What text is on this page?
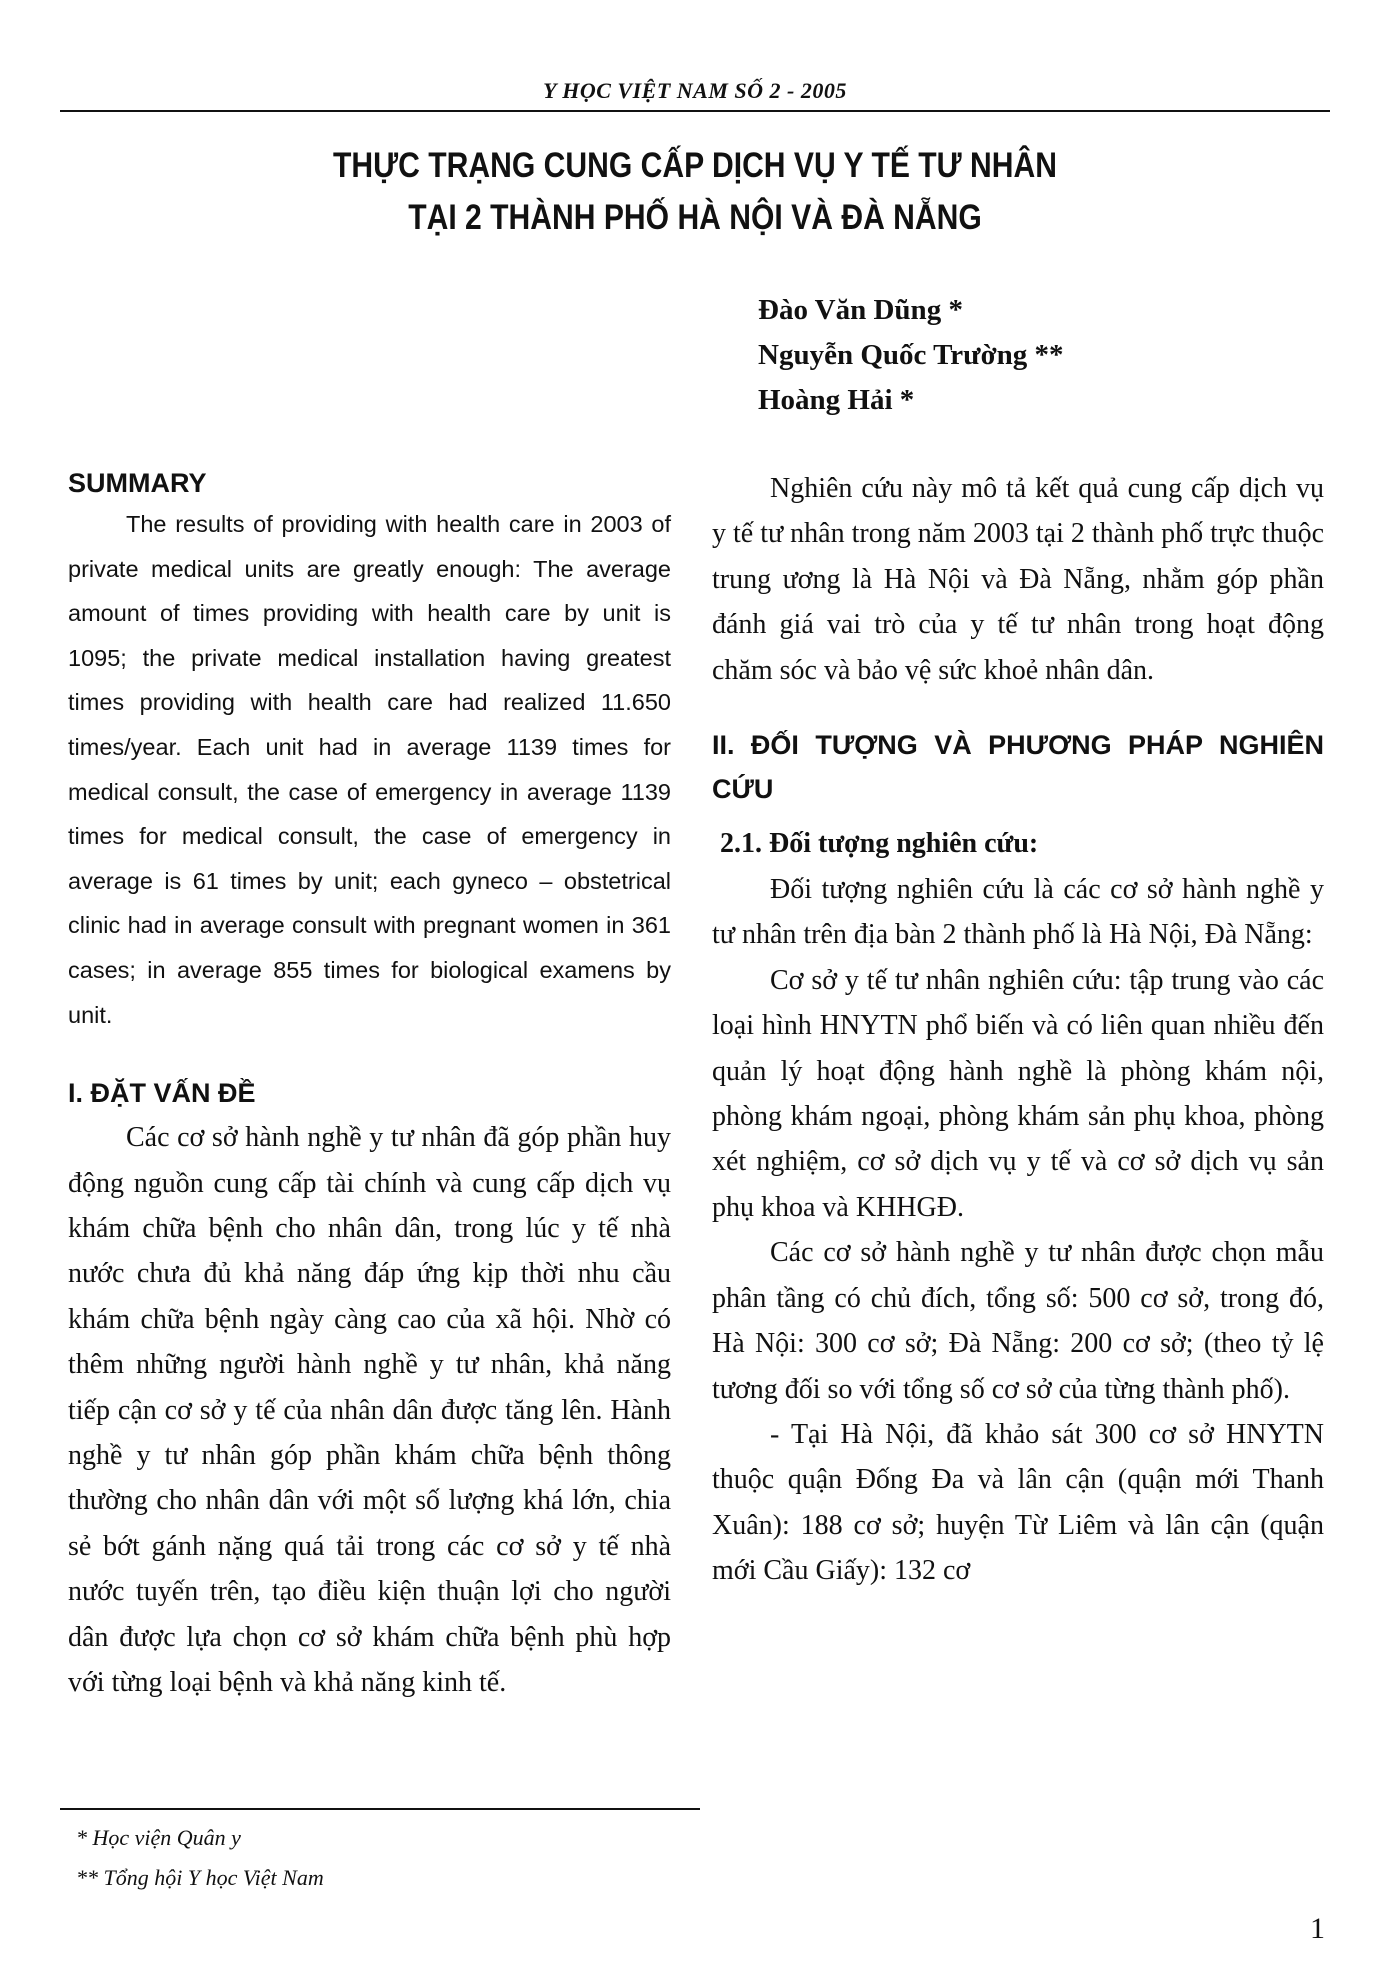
Y HỌC VIỆT NAM SỐ 2 - 2005
THỰC TRẠNG CUNG CẤP DỊCH VỤ Y TẾ TƯ NHÂN
TẠI 2 THÀNH PHỐ HÀ NỘI VÀ ĐÀ NẴNG
Đào Văn Dũng *
Nguyễn Quốc Trường **
Hoàng Hải *
SUMMARY

The results of providing with health care in 2003 of private medical units are greatly enough: The average amount of times providing with health care by unit is 1095; the private medical installation having greatest times providing with health care had realized 11.650 times/year. Each unit had in average 1139 times for medical consult, the case of emergency in average 1139 times for medical consult, the case of emergency in average is 61 times by unit; each gyneco – obstetrical clinic had in average consult with pregnant women in 361 cases; in average 855 times for biological examens by unit.

I. ĐẶT VẤN ĐỀ

Các cơ sở hành nghề y tư nhân đã góp phần huy động nguồn cung cấp tài chính và cung cấp dịch vụ khám chữa bệnh cho nhân dân, trong lúc y tế nhà nước chưa đủ khả năng đáp ứng kịp thời nhu cầu khám chữa bệnh ngày càng cao của xã hội. Nhờ có thêm những người hành nghề y tư nhân, khả năng tiếp cận cơ sở y tế của nhân dân được tăng lên. Hành nghề y tư nhân góp phần khám chữa bệnh thông thường cho nhân dân với một số lượng khá lớn, chia sẻ bớt gánh nặng quá tải trong các cơ sở y tế nhà nước tuyến trên, tạo điều kiện thuận lợi cho người dân được lựa chọn cơ sở khám chữa bệnh phù hợp với từng loại bệnh và khả năng kinh tế.

Nghiên cứu này mô tả kết quả cung cấp dịch vụ y tế tư nhân trong năm 2003 tại 2 thành phố trực thuộc trung ương là Hà Nội và Đà Nẵng, nhằm góp phần đánh giá vai trò của y tế tư nhân trong hoạt động chăm sóc và bảo vệ sức khoẻ nhân dân.

II. ĐỐI TƯỢNG VÀ PHƯƠNG PHÁP NGHIÊN CỨU
2.1. Đối tượng nghiên cứu:

Đối tượng nghiên cứu là các cơ sở hành nghề y tư nhân trên địa bàn 2 thành phố là Hà Nội, Đà Nẵng:

Cơ sở y tế tư nhân nghiên cứu: tập trung vào các loại hình HNYTN phổ biến và có liên quan nhiều đến quản lý hoạt động hành nghề là phòng khám nội, phòng khám ngoại, phòng khám sản phụ khoa, phòng xét nghiệm, cơ sở dịch vụ y tế và cơ sở dịch vụ sản phụ khoa và KHHGĐ.

Các cơ sở hành nghề y tư nhân được chọn mẫu phân tầng có chủ đích, tổng số: 500 cơ sở, trong đó, Hà Nội: 300 cơ sở; Đà Nẵng: 200 cơ sở; (theo tỷ lệ tương đối so với tổng số cơ sở của từng thành phố).

- Tại Hà Nội, đã khảo sát 300 cơ sở HNYTN thuộc quận Đống Đa và lân cận (quận mới Thanh Xuân): 188 cơ sở; huyện Từ Liêm và lân cận (quận mới Cầu Giấy): 132 cơ

* Học viện Quân y
** Tổng hội Y học Việt Nam
1
